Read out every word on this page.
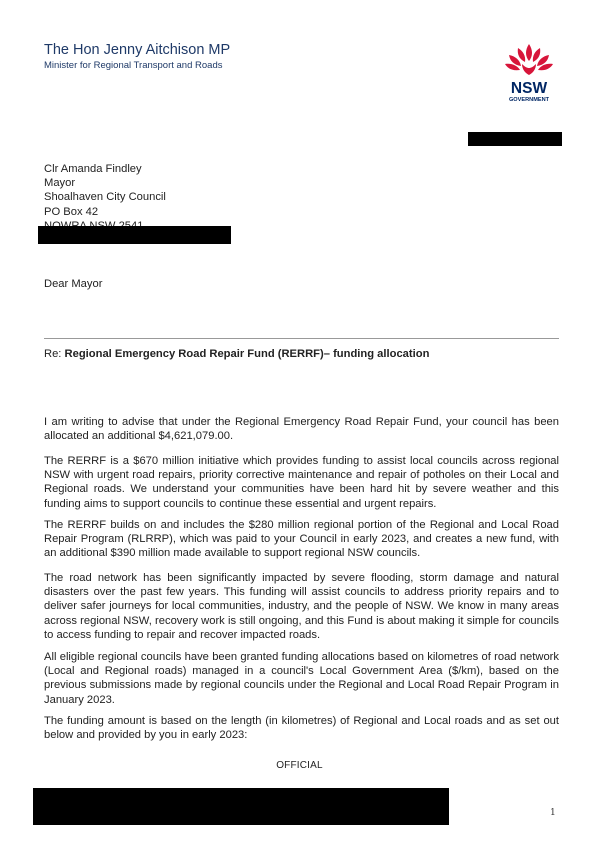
The Hon Jenny Aitchison MP
Minister for Regional Transport and Roads
NSW
GOVERNMENT
Clr Amanda Findley
Mayor
Shoalhaven City Council
PO Box 42
Dear Mayor
Re: Regional Emergency Road Repair Fund (RERRF)– funding allocation
I am writing to advise that under the Regional Emergency Road Repair Fund, your council has been allocated an additional $4,621,079.00.
The RERRF is a $670 million initiative which provides funding to assist local councils across regional NSW with urgent road repairs, priority corrective maintenance and repair of potholes on their Local and Regional roads. We understand your communities have been hard hit by severe weather and this funding aims to support councils to continue these essential and urgent repairs.
The RERRF builds on and includes the $280 million regional portion of the Regional and Local Road Repair Program (RLRRP), which was paid to your Council in early 2023, and creates a new fund, with an additional $390 million made available to support regional NSW councils.
The road network has been significantly impacted by severe flooding, storm damage and natural disasters over the past few years. This funding will assist councils to address priority repairs and to deliver safer journeys for local communities, industry, and the people of NSW. We know in many areas across regional NSW, recovery work is still ongoing, and this Fund is about making it simple for councils to access funding to repair and recover impacted roads.
All eligible regional councils have been granted funding allocations based on kilometres of road network (Local and Regional roads) managed in a council's Local Government Area ($/km), based on the previous submissions made by regional councils under the Regional and Local Road Repair Program in January 2023.
The funding amount is based on the length (in kilometres) of Regional and Local roads and as set out below and provided by you in early 2023:
OFFICIAL
1
